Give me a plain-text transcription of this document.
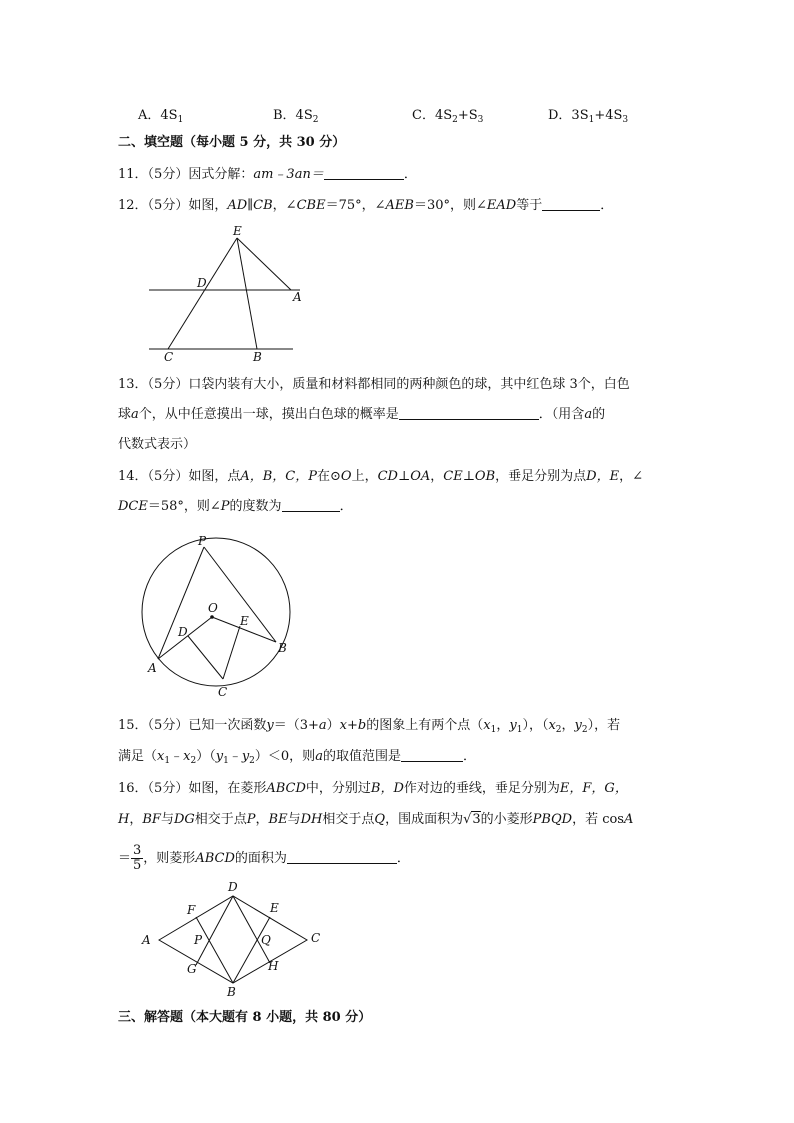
A．$4S_1$	B．$4S_2$	C．$4S_2+S_3$	D．$3S_1+4S_3$
二、填空题（每小题 5 分，共 30 分）
11．（5分）因式分解：am﹣3an＝	．
12．（5分）如图，AD∥CB，∠CBE＝75°，∠AEB＝30°，则∠EAD等于	．
E
D
A
C	B
13．（5分）口袋内装有大小，质量和材料都相同的两种颜色的球，其中红色球 3个，白色
球a个，从中任意摸出一球，摸出白色球的概率是	．（用含a的
代数式表示）
14．（5分）如图，点A，B，C，P在⊙O上，CD⊥OA，CE⊥OB，垂足分别为点D，E，∠
DCE＝58°，则∠P的度数为	．
P
O
D
E
A
B
C
15．（5分）已知一次函数y＝（3+a）x+b的图象上有两个点（$x_1$，$y_1$），（$x_2$，$y_2$），若
满足$(x_1﹣x_2)(y_1﹣y_2)<0$，则a的取值范围是	．
16．（5分）如图，在菱形ABCD中，分别过B，D作对边的垂线，垂足分别为E，F，G，
H，BF与DG相交于点P，BE与DH相交于点Q，围成面积为√3的小菱形PBQD，若 cosA
＝ $\frac{3}{5}$ ，则菱形ABCD的面积为	．
D
F	E
A	P	Q	C
G	H
B
三、解答题（本大题有 8 小题，共 80 分）
